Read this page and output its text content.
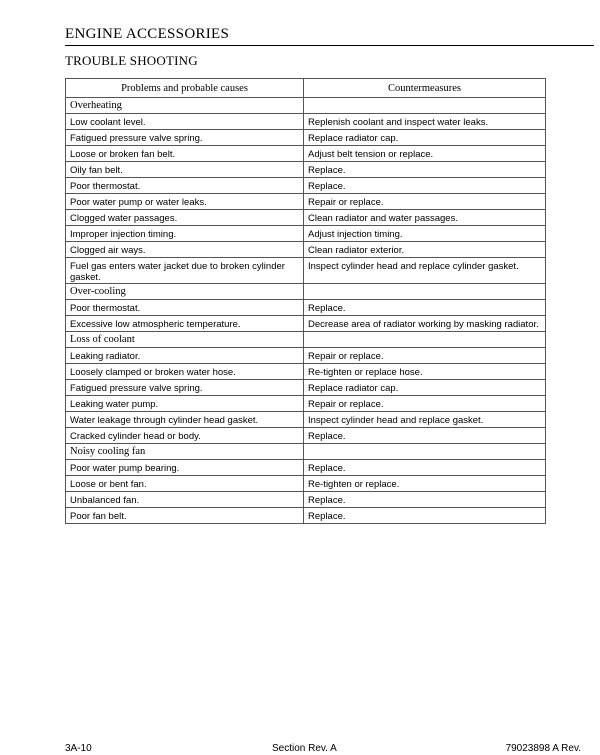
ENGINE ACCESSORIES
TROUBLE SHOOTING
Problems and probable causes	Countermeasures
Overheating	
Low coolant level.	Replenish coolant and inspect water leaks.
Fatigued pressure valve spring.	Replace radiator cap.
Loose or broken fan belt.	Adjust belt tension or replace.
Oily fan belt.	Replace.
Poor thermostat.	Replace.
Poor water pump or water leaks.	Repair or replace.
Clogged water passages.	Clean radiator and water passages.
Improper injection timing.	Adjust injection timing.
Clogged air ways.	Clean radiator exterior.
Fuel gas enters water jacket due to broken cylinder gasket.	Inspect cylinder head and replace cylinder gasket.
Over-cooling	
Poor thermostat.	Replace.
Excessive low atmospheric temperature.	Decrease area of radiator working by masking radiator.
Loss of coolant	
Leaking radiator.	Repair or replace.
Loosely clamped or broken water hose.	Re-tighten or replace hose.
Fatigued pressure valve spring.	Replace radiator cap.
Leaking water pump.	Repair or replace.
Water leakage through cylinder head gasket.	Inspect cylinder head and replace gasket.
Cracked cylinder head or body.	Replace.
Noisy cooling fan	
Poor water pump bearing.	Replace.
Loose or bent fan.	Re-tighten or replace.
Unbalanced fan.	Replace.
Poor fan belt.	Replace.
3A-10	Section Rev. A	79023898 A Rev.
